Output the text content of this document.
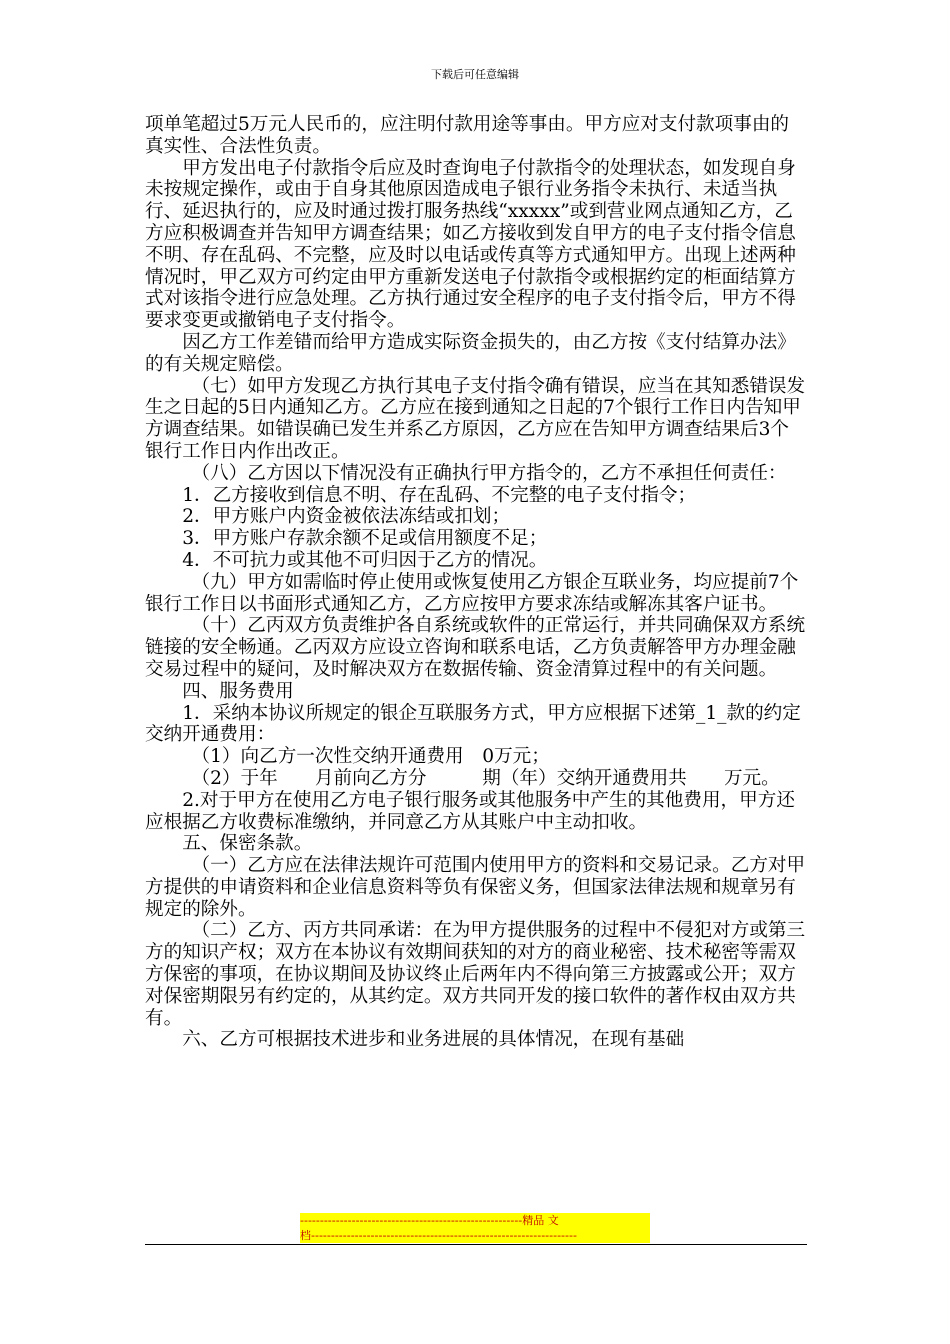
下载后可任意编辑

项单笔超过5万元人民币的，应注明付款用途等事由。甲方应对支付款项事由的真实性、合法性负责。

甲方发出电子付款指令后应及时查询电子付款指令的处理状态，如发现自身未按规定操作，或由于自身其他原因造成电子银行业务指令未执行、未适当执行、延迟执行的，应及时通过拨打服务热线“xxxxx”或到营业网点通知乙方，乙方应积极调查并告知甲方调查结果；如乙方接收到发自甲方的电子支付指令信息不明、存在乱码、不完整，应及时以电话或传真等方式通知甲方。出现上述两种情况时，甲乙双方可约定由甲方重新发送电子付款指令或根据约定的柜面结算方式对该指令进行应急处理。乙方执行通过安全程序的电子支付指令后，甲方不得要求变更或撤销电子支付指令。

因乙方工作差错而给甲方造成实际资金损失的，由乙方按《支付结算办法》的有关规定赔偿。

（七）如甲方发现乙方执行其电子支付指令确有错误，应当在其知悉错误发生之日起的5日内通知乙方。乙方应在接到通知之日起的7个银行工作日内告知甲方调查结果。如错误确已发生并系乙方原因，乙方应在告知甲方调查结果后3个银行工作日内作出改正。

（八）乙方因以下情况没有正确执行甲方指令的，乙方不承担任何责任：

1．乙方接收到信息不明、存在乱码、不完整的电子支付指令；

2．甲方账户内资金被依法冻结或扣划；

3．甲方账户存款余额不足或信用额度不足；

4．不可抗力或其他不可归因于乙方的情况。

（九）甲方如需临时停止使用或恢复使用乙方银企互联业务，均应提前7个银行工作日以书面形式通知乙方，乙方应按甲方要求冻结或解冻其客户证书。

（十）乙丙双方负责维护各自系统或软件的正常运行，并共同确保双方系统链接的安全畅通。乙丙双方应设立咨询和联系电话，乙方负责解答甲方办理金融交易过程中的疑问，及时解决双方在数据传输、资金清算过程中的有关问题。

四、服务费用

1．采纳本协议所规定的银企互联服务方式，甲方应根据下述第_1_款的约定交纳开通费用：

（1）向乙方一次性交纳开通费用　0万元；

（2）于年　　月前向乙方分　　　期（年）交纳开通费用共　　万元。

2.对于甲方在使用乙方电子银行服务或其他服务中产生的其他费用，甲方还应根据乙方收费标准缴纳，并同意乙方从其账户中主动扣收。

五、保密条款。

（一）乙方应在法律法规许可范围内使用甲方的资料和交易记录。乙方对甲方提供的申请资料和企业信息资料等负有保密义务，但国家法律法规和规章另有规定的除外。

（二）乙方、丙方共同承诺：在为甲方提供服务的过程中不侵犯对方或第三方的知识产权；双方在本协议有效期间获知的对方的商业秘密、技术秘密等需双方保密的事项，在协议期间及协议终止后两年内不得向第三方披露或公开；双方对保密期限另有约定的，从其约定。双方共同开发的接口软件的著作权由双方共有。

六、乙方可根据技术进步和业务进展的具体情况，在现有基础

--------------------------------------------------------精品 文
档-------------------------------------------------------------------
